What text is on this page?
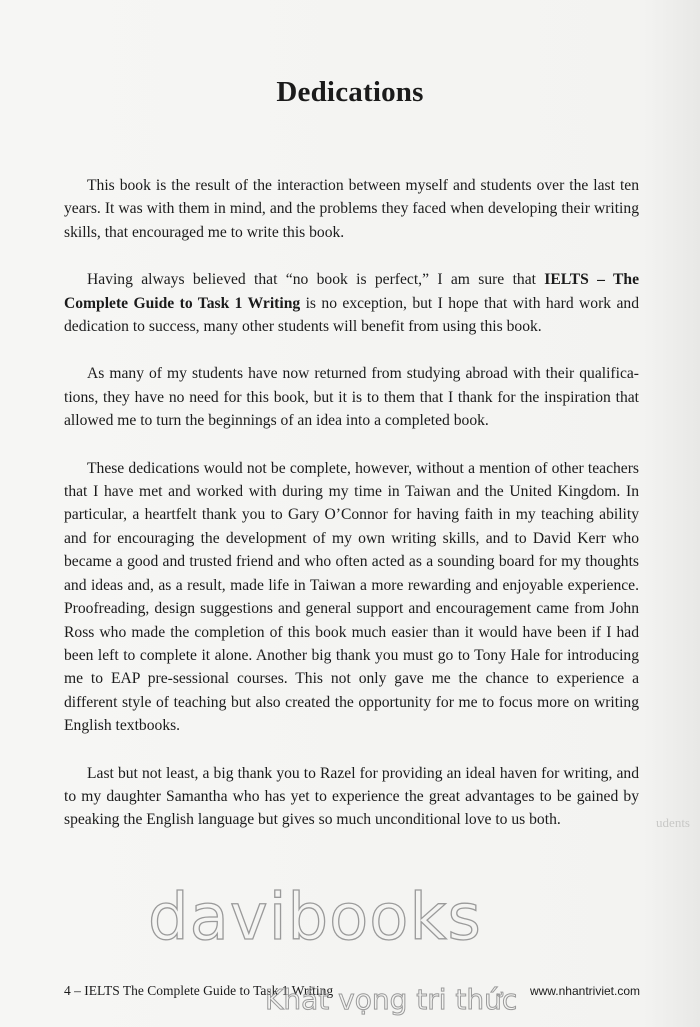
Dedications

This book is the result of the interaction between myself and students over the last ten years. It was with them in mind, and the problems they faced when developing their writing skills, that encouraged me to write this book.

Having always believed that “no book is perfect,” I am sure that IELTS – The Complete Guide to Task 1 Writing is no exception, but I hope that with hard work and dedication to success, many other students will benefit from using this book.

As many of my students have now returned from studying abroad with their qualifications, they have no need for this book, but it is to them that I thank for the inspiration that allowed me to turn the beginnings of an idea into a completed book.

These dedications would not be complete, however, without a mention of other teachers that I have met and worked with during my time in Taiwan and the United Kingdom. In particular, a heartfelt thank you to Gary O’Connor for having faith in my teaching ability and for encouraging the development of my own writing skills, and to David Kerr who became a good and trusted friend and who often acted as a sounding board for my thoughts and ideas and, as a result, made life in Taiwan a more rewarding and enjoyable experience. Proofreading, design suggestions and general support and encouragement came from John Ross who made the completion of this book much easier than it would have been if I had been left to complete it alone. Another big thank you must go to Tony Hale for introducing me to EAP pre-sessional courses. This not only gave me the chance to experience a different style of teaching but also created the opportunity for me to focus more on writing English textbooks.

Last but not least, a big thank you to Razel for providing an ideal haven for writing, and to my daughter Samantha who has yet to experience the great advantages to be gained by speaking the English language but gives so much unconditional love to us both.	udents
4 – IELTS The Complete Guide to Task 1 Writing	www.nhantriviet.com
davibooks
Khát vọng tri thức
